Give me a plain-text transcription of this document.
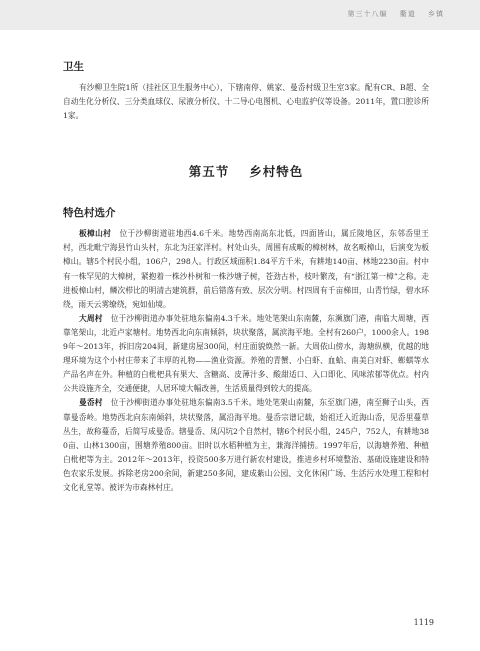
第三十八编 衢道 乡镇
卫生

有沙柳卫生院1所（挂社区卫生服务中心），下辖南停、姚家、曼岙村级卫生室3家。配有CR、B超、全自动生化分析仪、三分类血球仪、尿液分析仪、十二导心电图机、心电监护仪等设备。2011年，置口腔诊所1家。

第五节 乡村特色
特色村选介

板樟山村 位于沙柳街道驻地西4.6千米。地势西南高东北低，四面皆山，属丘陵地区，东邻岙里王村，西北毗宁海县竹山头村，东北为汪家洋村。村处山头，周围有成畈的樟树林，故名畈樟山，后演变为板樟山。辖5个村民小组，106户，298人。行政区域面积1.84平方千米，有耕地140亩、林地2230亩。村中有一株罕见的大樟树，紧抱着一株沙朴树和一株沙塘子树，苍劲古朴，枝叶繁茂，有“浙江第一樟”之称。走进板樟山村，鳞次栉比的明清古建筑群，前后错落有致、层次分明。村四周有千亩梯田，山青竹绿，碧水环绕，雨天云雾缭绕，宛如仙境。

大周村 位于沙柳街道办事处驻地东偏南4.3千米。地处笔架山东南麓，东濒旗门港，南临大周塘，西靠笔架山，北近卢家塘村。地势西北向东南倾斜，块状聚落，属滨海平地。全村有260户，1000余人。1989年～2013年，拆旧房204间，新建房屋300间，村庄面貌焕然一新。大周依山傍水，海塘纵横，优越的地理环境为这个小村庄带来了丰厚的礼物——渔业资源。养殖的青蟹、小白虾、血蛤、南美白对虾、蟛蜞等水产品名声在外。种植的白枇杷具有果大、含糖高、皮薄汁多、酸甜适口、入口即化、风味浓郁等优点。村内公共设施齐全，交通便捷，人居环境大幅改善，生活质量得到较大的提高。

曼岙村 位于沙柳街道办事处驻地东偏南3.5千米。地处笔架山南麓，东至旗门港，南至狮子山头，西靠曼岙岭。地势西北向东南倾斜，块状聚落，属沿海平地。曼岙宗谱记载，始祖迁入近海山岙，见岙里蔓草丛生，故称蔓岙，后简写成曼岙。辖曼岙、凤闪坑2个自然村，辖6个村民小组，245户，752人，有耕地380亩、山林1300亩，围塘养殖800亩。旧时以水稻种植为主，兼海洋捕捞。1997年后，以海塘养殖、种植白枇杷等为主。2012年～2013年，投资500多万进行新农村建设，推进乡村环境整治、基础设施建设和特色农家乐发展。拆除老房200余间，新建250多间，建成紫山公园、文化休闲广场、生活污水处理工程和村文化礼堂等。被评为市森林村庄。

1119
